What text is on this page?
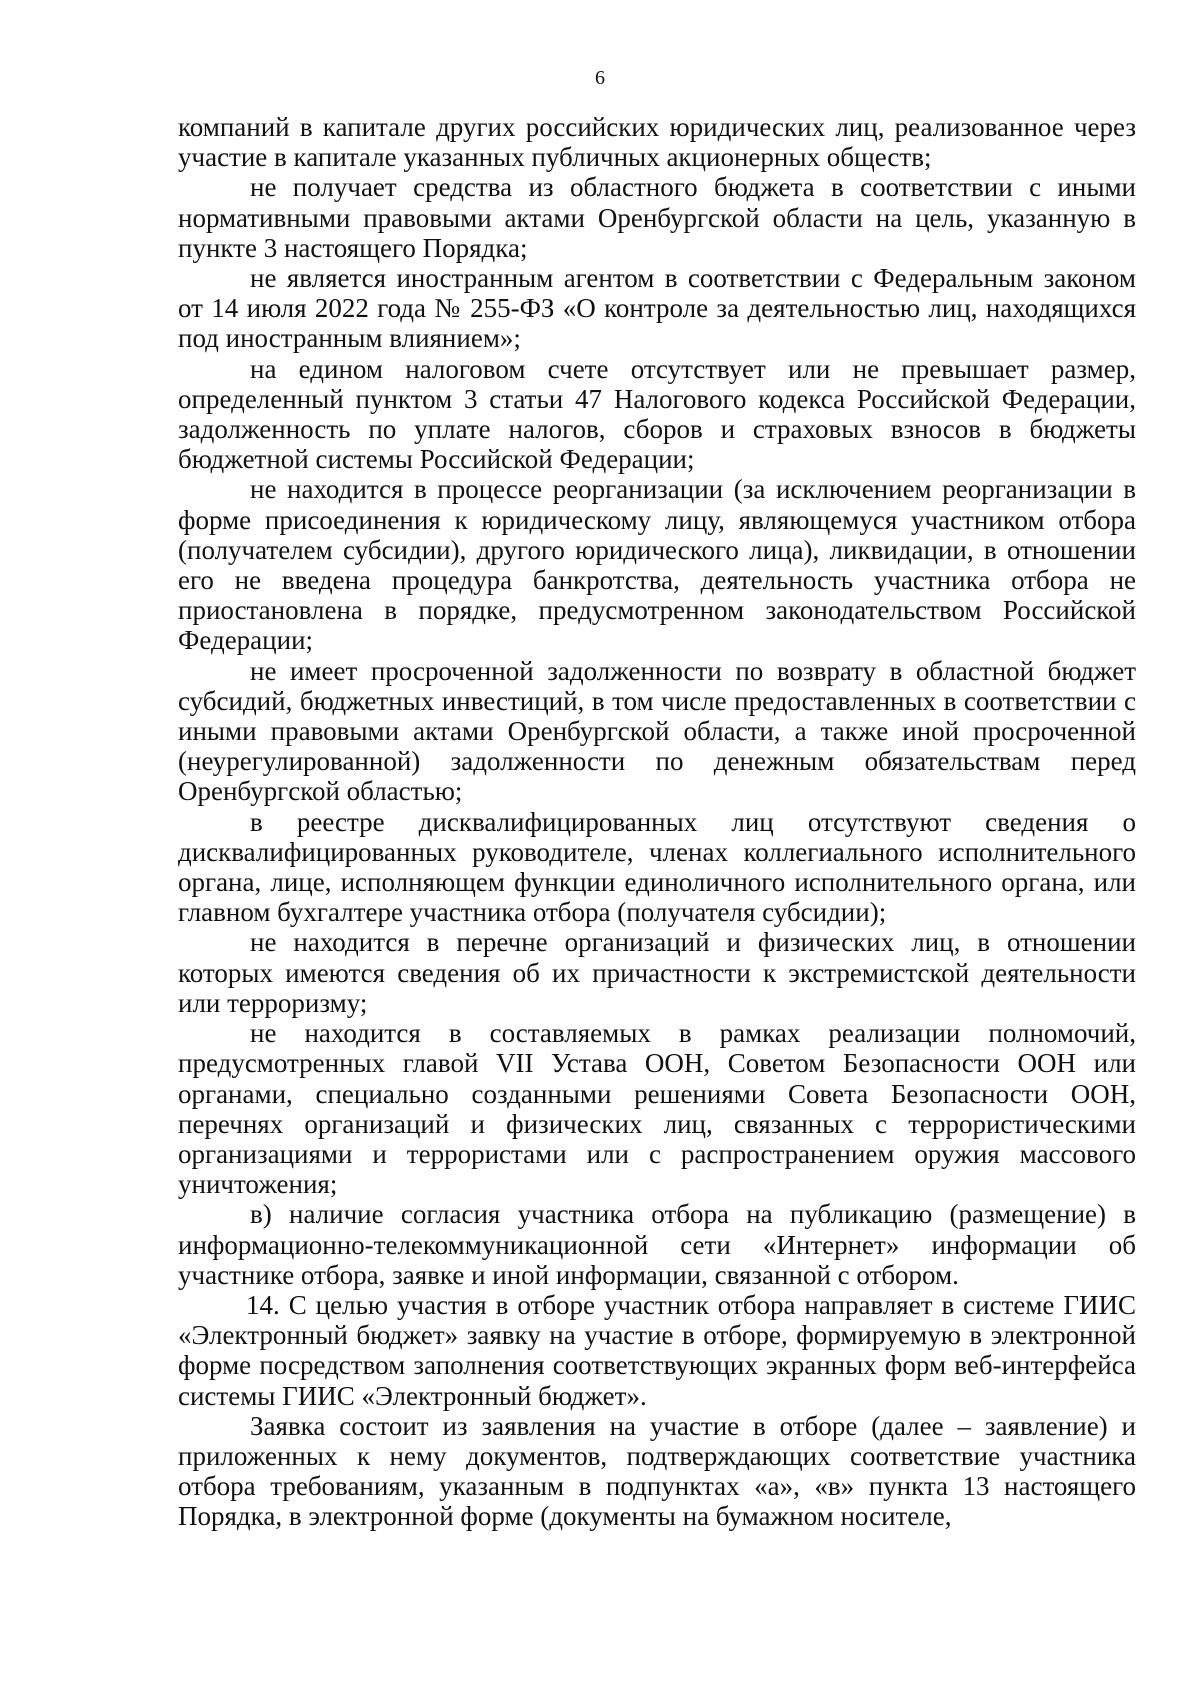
6

компаний в капитале других российских юридических лиц, реализованное через участие в капитале указанных публичных акционерных обществ;

не получает средства из областного бюджета в соответствии с иными нормативными правовыми актами Оренбургской области на цель, указанную в пункте 3 настоящего Порядка;

не является иностранным агентом в соответствии с Федеральным законом от 14 июля 2022 года № 255-ФЗ «О контроле за деятельностью лиц, находящихся под иностранным влиянием»;

на едином налоговом счете отсутствует или не превышает размер, определенный пунктом 3 статьи 47 Налогового кодекса Российской Федерации, задолженность по уплате налогов, сборов и страховых взносов в бюджеты бюджетной системы Российской Федерации;

не находится в процессе реорганизации (за исключением реорганизации в форме присоединения к юридическому лицу, являющемуся участником отбора (получателем субсидии), другого юридического лица), ликвидации, в отношении его не введена процедура банкротства, деятельность участника отбора не приостановлена в порядке, предусмотренном законодательством Российской Федерации;

не имеет просроченной задолженности по возврату в областной бюджет субсидий, бюджетных инвестиций, в том числе предоставленных в соответствии с иными правовыми актами Оренбургской области, а также иной просроченной (неурегулированной) задолженности по денежным обязательствам перед Оренбургской областью;

в реестре дисквалифицированных лиц отсутствуют сведения о дисквалифицированных руководителе, членах коллегиального исполнительного органа, лице, исполняющем функции единоличного исполнительного органа, или главном бухгалтере участника отбора (получателя субсидии);

не находится в перечне организаций и физических лиц, в отношении которых имеются сведения об их причастности к экстремистской деятельности или терроризму;

не находится в составляемых в рамках реализации полномочий, предусмотренных главой VII Устава ООН, Советом Безопасности ООН или органами, специально созданными решениями Совета Безопасности ООН, перечнях организаций и физических лиц, связанных с террористическими организациями и террористами или с распространением оружия массового уничтожения;

в) наличие согласия участника отбора на публикацию (размещение) в информационно-телекоммуникационной сети «Интернет» информации об участнике отбора, заявке и иной информации, связанной с отбором.

14. С целью участия в отборе участник отбора направляет в системе ГИИС «Электронный бюджет» заявку на участие в отборе, формируемую в электронной форме посредством заполнения соответствующих экранных форм веб-интерфейса системы ГИИС «Электронный бюджет».

Заявка состоит из заявления на участие в отборе (далее – заявление) и приложенных к нему документов, подтверждающих соответствие участника отбора требованиям, указанным в подпунктах «а», «в» пункта 13 настоящего Порядка, в электронной форме (документы на бумажном носителе,
